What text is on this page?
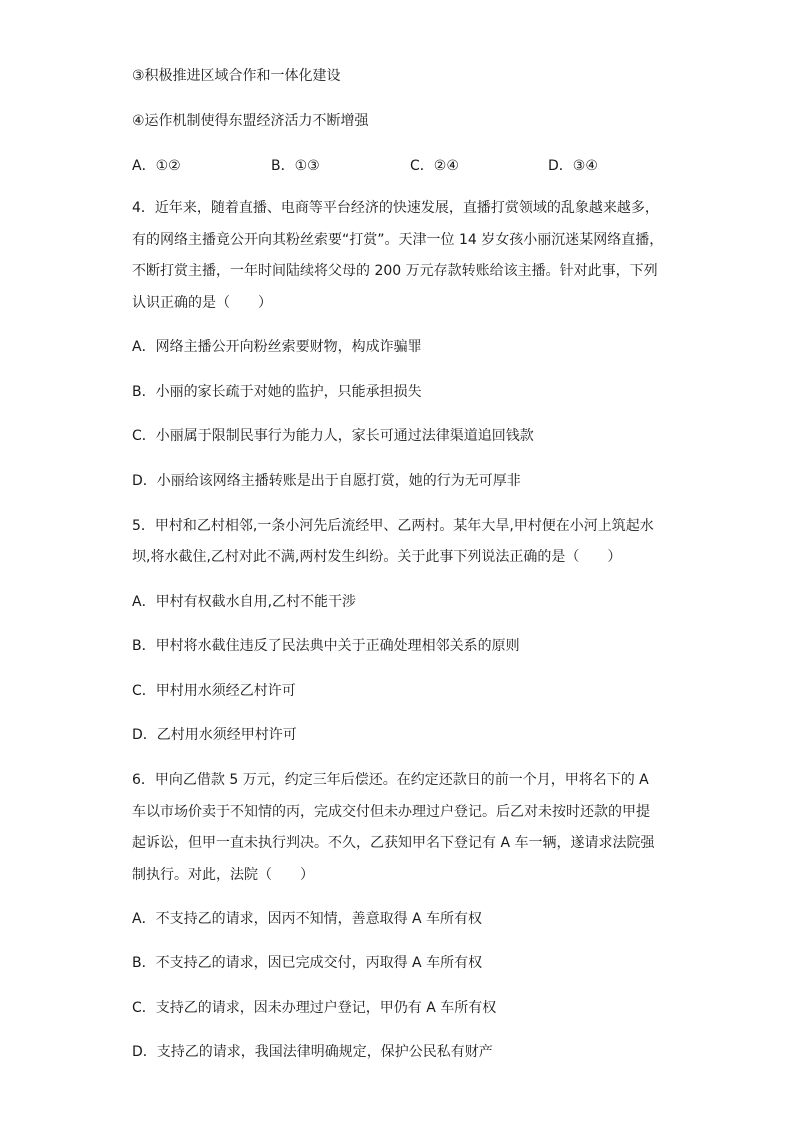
③积极推进区域合作和一体化建设
④运作机制使得东盟经济活力不断增强
A．①②	B．①③	C．②④	D．③④
4．近年来，随着直播、电商等平台经济的快速发展，直播打赏领域的乱象越来越多，
有的网络主播竟公开向其粉丝索要“打赏”。天津一位 14 岁女孩小丽沉迷某网络直播，
不断打赏主播，一年时间陆续将父母的 200 万元存款转账给该主播。针对此事，下列
认识正确的是（　　）
A．网络主播公开向粉丝索要财物，构成诈骗罪
B．小丽的家长疏于对她的监护，只能承担损失
C．小丽属于限制民事行为能力人，家长可通过法律渠道追回钱款
D．小丽给该网络主播转账是出于自愿打赏，她的行为无可厚非
5．甲村和乙村相邻,一条小河先后流经甲、乙两村。某年大旱,甲村便在小河上筑起水
坝,将水截住,乙村对此不满,两村发生纠纷。关于此事下列说法正确的是（　　）
A．甲村有权截水自用,乙村不能干涉
B．甲村将水截住违反了民法典中关于正确处理相邻关系的原则
C．甲村用水须经乙村许可
D．乙村用水须经甲村许可
6．甲向乙借款 5 万元，约定三年后偿还。在约定还款日的前一个月，甲将名下的 A
车以市场价卖于不知情的丙，完成交付但未办理过户登记。后乙对未按时还款的甲提
起诉讼，但甲一直未执行判决。不久，乙获知甲名下登记有 A 车一辆，遂请求法院强
制执行。对此，法院（　　）
A．不支持乙的请求，因丙不知情，善意取得 A 车所有权
B．不支持乙的请求，因已完成交付，丙取得 A 车所有权
C．支持乙的请求，因未办理过户登记，甲仍有 A 车所有权
D．支持乙的请求，我国法律明确规定，保护公民私有财产
